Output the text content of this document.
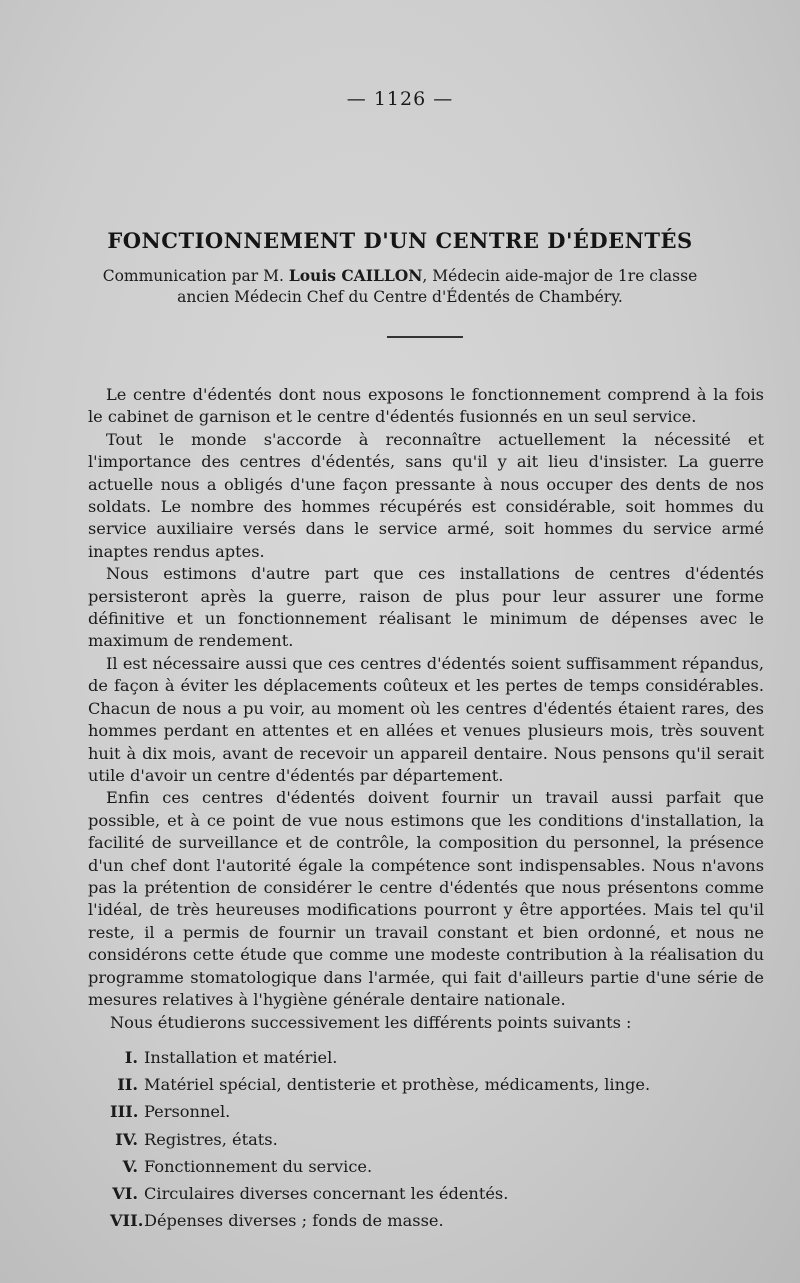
— 1126 —
FONCTIONNEMENT D'UN CENTRE D'ÉDENTÉS
Communication par M. Louis CAILLON, Médecin aide-major de 1re classe
ancien Médecin Chef du Centre d'Édentés de Chambéry.

Le centre d'édentés dont nous exposons le fonctionnement comprend à la fois le cabinet de garnison et le centre d'édentés fusionnés en un seul service.

Tout le monde s'accorde à reconnaître actuellement la nécessité et l'importance des centres d'édentés, sans qu'il y ait lieu d'insister. La guerre actuelle nous a obligés d'une façon pressante à nous occuper des dents de nos soldats. Le nombre des hommes récupérés est considérable, soit hommes du service auxiliaire versés dans le service armé, soit hommes du service armé inaptes rendus aptes.

Nous estimons d'autre part que ces installations de centres d'édentés persisteront après la guerre, raison de plus pour leur assurer une forme définitive et un fonctionnement réalisant le minimum de dépenses avec le maximum de rendement.

Il est nécessaire aussi que ces centres d'édentés soient suffisamment répandus, de façon à éviter les déplacements coûteux et les pertes de temps considérables. Chacun de nous a pu voir, au moment où les centres d'édentés étaient rares, des hommes perdant en attentes et en allées et venues plusieurs mois, très souvent huit à dix mois, avant de recevoir un appareil dentaire. Nous pensons qu'il serait utile d'avoir un centre d'édentés par département.

Enfin ces centres d'édentés doivent fournir un travail aussi parfait que possible, et à ce point de vue nous estimons que les conditions d'installation, la facilité de surveillance et de contrôle, la composition du personnel, la présence d'un chef dont l'autorité égale la compétence sont indispensables. Nous n'avons pas la prétention de considérer le centre d'édentés que nous présentons comme l'idéal, de très heureuses modifications pourront y être apportées. Mais tel qu'il reste, il a permis de fournir un travail constant et bien ordonné, et nous ne considérons cette étude que comme une modeste contribution à la réalisation du programme stomatologique dans l'armée, qui fait d'ailleurs partie d'une série de mesures relatives à l'hygiène générale dentaire nationale.

Nous étudierons successivement les différents points suivants :
I. Installation et matériel.
II. Matériel spécial, dentisterie et prothèse, médicaments, linge.
III. Personnel.
IV. Registres, états.
V. Fonctionnement du service.
VI. Circulaires diverses concernant les édentés.
VII.Dépenses diverses ; fonds de masse.
